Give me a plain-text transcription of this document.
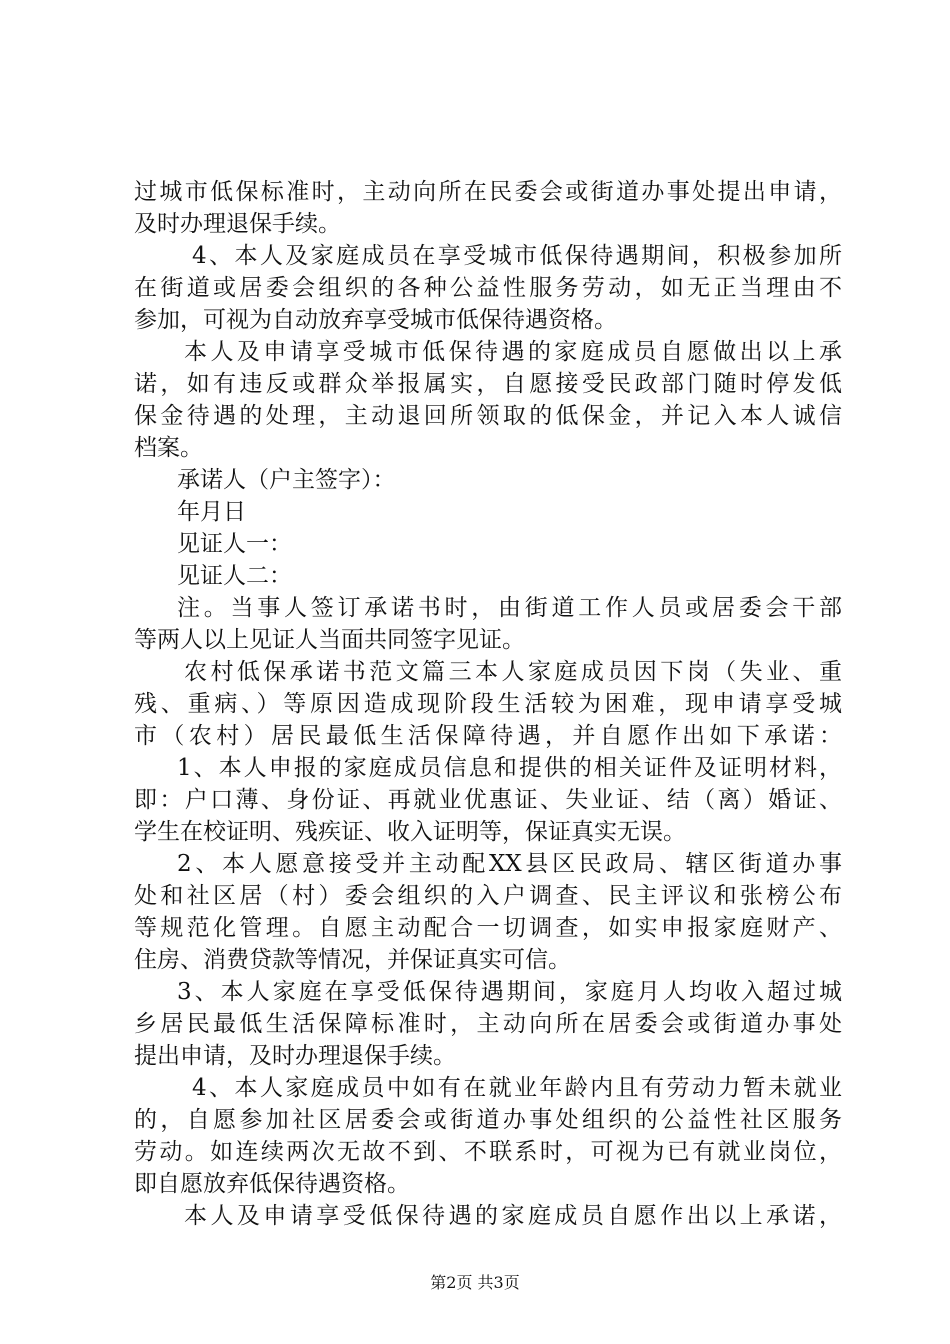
过城市低保标准时，主动向所在民委会或街道办事处提出申请，
及时办理退保手续。
4、本人及家庭成员在享受城市低保待遇期间，积极参加所
在街道或居委会组织的各种公益性服务劳动，如无正当理由不
参加，可视为自动放弃享受城市低保待遇资格。
本人及申请享受城市低保待遇的家庭成员自愿做出以上承
诺，如有违反或群众举报属实，自愿接受民政部门随时停发低
保金待遇的处理，主动退回所领取的低保金，并记入本人诚信
档案。
承诺人（户主签字）：
年月日
见证人一：
见证人二：
注。当事人签订承诺书时，由街道工作人员或居委会干部
等两人以上见证人当面共同签字见证。
农村低保承诺书范文篇三本人家庭成员因下岗（失业、重
残、重病、）等原因造成现阶段生活较为困难，现申请享受城
市（农村）居民最低生活保障待遇，并自愿作出如下承诺：
1、本人申报的家庭成员信息和提供的相关证件及证明材料，
即：户口薄、身份证、再就业优惠证、失业证、结（离）婚证、
学生在校证明、残疾证、收入证明等，保证真实无误。
2、本人愿意接受并主动配XX县区民政局、辖区街道办事
处和社区居（村）委会组织的入户调查、民主评议和张榜公布
等规范化管理。自愿主动配合一切调查，如实申报家庭财产、
住房、消费贷款等情况，并保证真实可信。
3、本人家庭在享受低保待遇期间，家庭月人均收入超过城
乡居民最低生活保障标准时，主动向所在居委会或街道办事处
提出申请，及时办理退保手续。
4、本人家庭成员中如有在就业年龄内且有劳动力暂未就业
的，自愿参加社区居委会或街道办事处组织的公益性社区服务
劳动。如连续两次无故不到、不联系时，可视为已有就业岗位，
即自愿放弃低保待遇资格。
本人及申请享受低保待遇的家庭成员自愿作出以上承诺，
第2页 共3页
